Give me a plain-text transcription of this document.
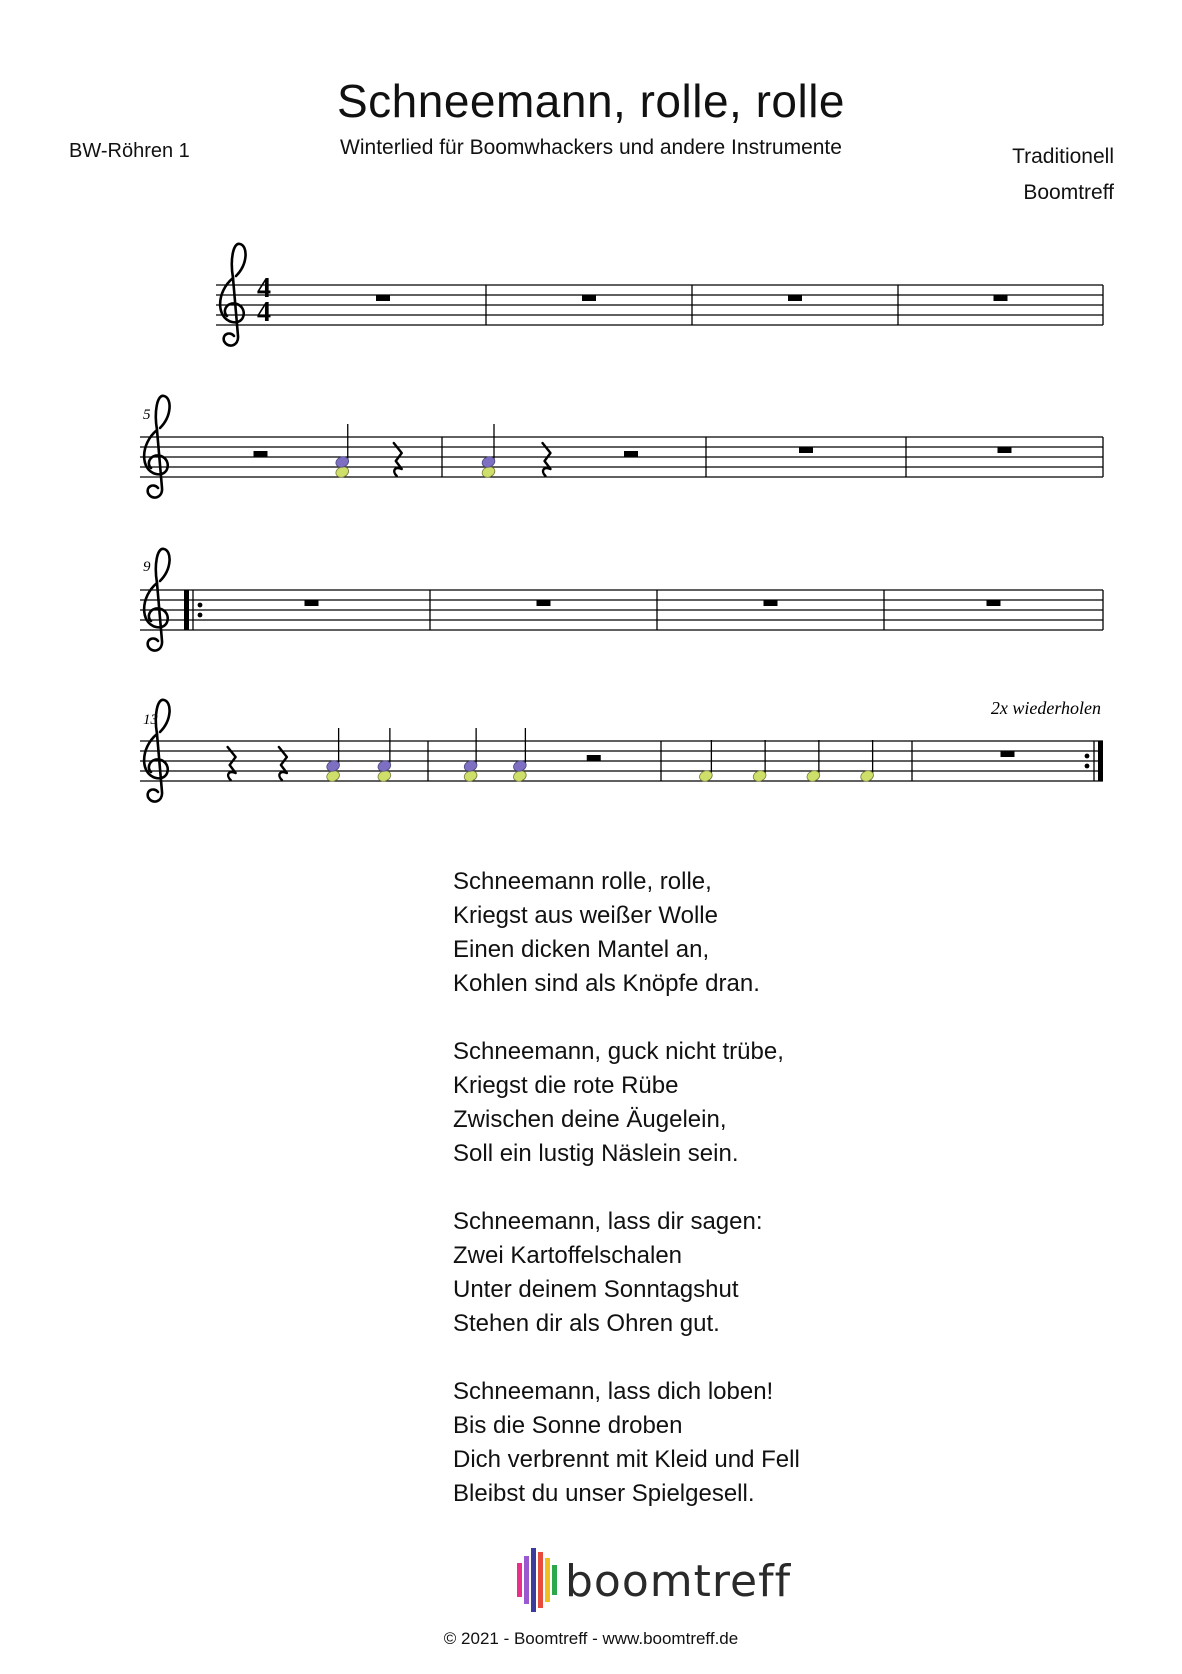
Schneemann, rolle, rolle
Winterlied für Boomwhackers und andere Instrumente
BW-Röhren 1	Traditionell
Boomtreff
4
4
5
9
13
2x wiederholen
Schneemann rolle, rolle,
Kriegst aus weißer Wolle
Einen dicken Mantel an,
Kohlen sind als Knöpfe dran.
Schneemann, guck nicht trübe,
Kriegst die rote Rübe
Zwischen deine Äugelein,
Soll ein lustig Näslein sein.
Schneemann, lass dir sagen:
Zwei Kartoffelschalen
Unter deinem Sonntagshut
Stehen dir als Ohren gut.
Schneemann, lass dich loben!
Bis die Sonne droben
Dich verbrennt mit Kleid und Fell
Bleibst du unser Spielgesell.
boomtreff
© 2021 - Boomtreff - www.boomtreff.de
